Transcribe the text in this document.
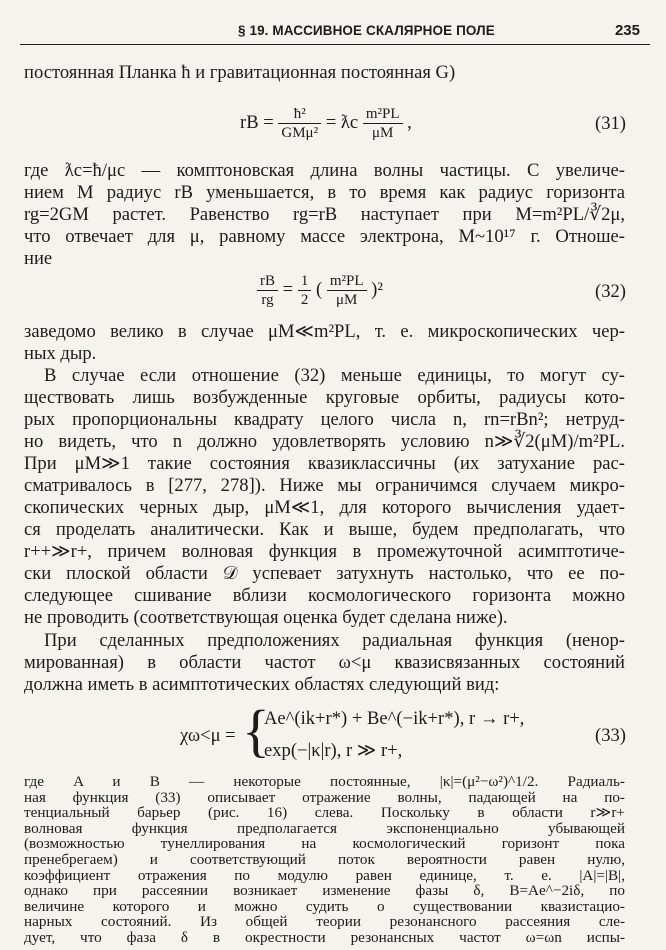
§ 19. МАССИВНОЕ СКАЛЯРНОЕ ПОЛЕ	235
постоянная Планка ħ и гравитационная постоянная G)
rB = $\frac{\text{ħ²}}{\text{GMμ²}}$ = ƛc $\frac{\text{m²PL}}{\mu M}$ ,	(31)
где ƛc=ħ/μc — комптоновская длина волны частицы. С увеличе-
нием M радиус rB уменьшается, в то время как радиус горизонта
rg=2GM растет. Равенство rg=rB наступает при M=m²PL/∛2μ,
что отвечает для μ, равному массе электрона, M~10¹⁷ г. Отноше-
ние
$\frac{rB}{rg} = \frac{1}{2}$ ( $\frac{\text{m²PL}}{\mu M} )^2$	(32)
заведомо велико в случае μM≪m²PL, т. е. микроскопических чер-
ных дыр.
В случае если отношение (32) меньше единицы, то могут су-
ществовать лишь возбужденные круговые орбиты, радиусы кото-
рых пропорциональны квадрату целого числа n, rn=rBn²; нетруд-
но видеть, что n должно удовлетворять условию n≫∛2(μM)/m²PL.
При μM≫1 такие состояния квазиклассичны (их затухание рас-
сматривалось в [277, 278]). Ниже мы ограничимся случаем микро-
скопических черных дыр, μM≪1, для которого вычисления удает-
ся проделать аналитически. Как и выше, будем предполагать, что
r++≫r+, причем волновая функция в промежуточной асимптотиче-
ски плоской области 𝒟 успевает затухнуть настолько, что ее по-
следующее сшивание вблизи космологического горизонта можно
не проводить (соответствующая оценка будет сделана ниже).
При сделанных предположениях радиальная функция (ненор-
мированная) в области частот ω<μ квазисвязанных состояний
должна иметь в асимптотических областях следующий вид:
χω<μ = {
Ae^(ik+r*) + Be^(−ik+r*), r → r+,
exp(−|κ|r), r ≫ r+,
(33)
где A и B — некоторые постоянные, |κ|=(μ²−ω²)^1/2. Радиаль-
ная функция (33) описывает отражение волны, падающей на по-
тенциальный барьер (рис. 16) слева. Поскольку в области r≫r+
волновая функция предполагается экспоненциально убывающей
(возможностью тунеллирования на космологический горизонт пока
пренебрегаем) и соответствующий поток вероятности равен нулю,
коэффициент отражения по модулю равен единице, т. е. |A|=|B|,
однако при рассеянии возникает изменение фазы δ, B=Ae^−2iδ, по
величине которого и можно судить о существовании квазистацио-
нарных состояний. Из общей теории резонансного рассеяния сле-
дует, что фаза δ в окрестности резонансных частот ω=ωn испы-
